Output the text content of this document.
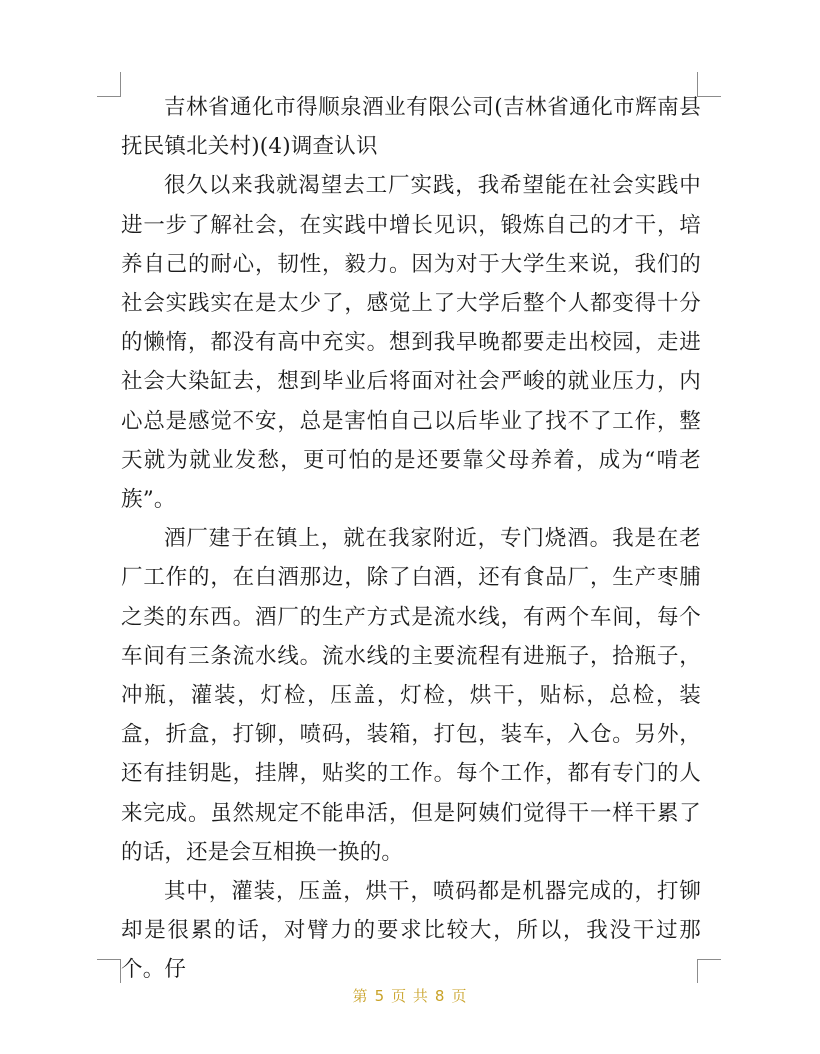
吉林省通化市得顺泉酒业有限公司(吉林省通化市辉南县抚民镇北关村)(4)调查认识

很久以来我就渴望去工厂实践，我希望能在社会实践中进一步了解社会，在实践中增长见识，锻炼自己的才干，培养自己的耐心，韧性，毅力。因为对于大学生来说，我们的社会实践实在是太少了，感觉上了大学后整个人都变得十分的懒惰，都没有高中充实。想到我早晚都要走出校园，走进社会大染缸去，想到毕业后将面对社会严峻的就业压力，内心总是感觉不安，总是害怕自己以后毕业了找不了工作，整天就为就业发愁，更可怕的是还要靠父母养着，成为“啃老族”。

酒厂建于在镇上，就在我家附近，专门烧酒。我是在老厂工作的，在白酒那边，除了白酒，还有食品厂，生产枣脯之类的东西。酒厂的生产方式是流水线，有两个车间，每个车间有三条流水线。流水线的主要流程有进瓶子，拾瓶子，冲瓶，灌装，灯检，压盖，灯检，烘干，贴标，总检，装盒，折盒，打铆，喷码，装箱，打包，装车，入仓。另外，还有挂钥匙，挂牌，贴奖的工作。每个工作，都有专门的人来完成。虽然规定不能串活，但是阿姨们觉得干一样干累了的话，还是会互相换一换的。

其中，灌装，压盖，烘干，喷码都是机器完成的，打铆却是很累的话，对臂力的要求比较大，所以，我没干过那个。仔

第 5 页 共 8 页
